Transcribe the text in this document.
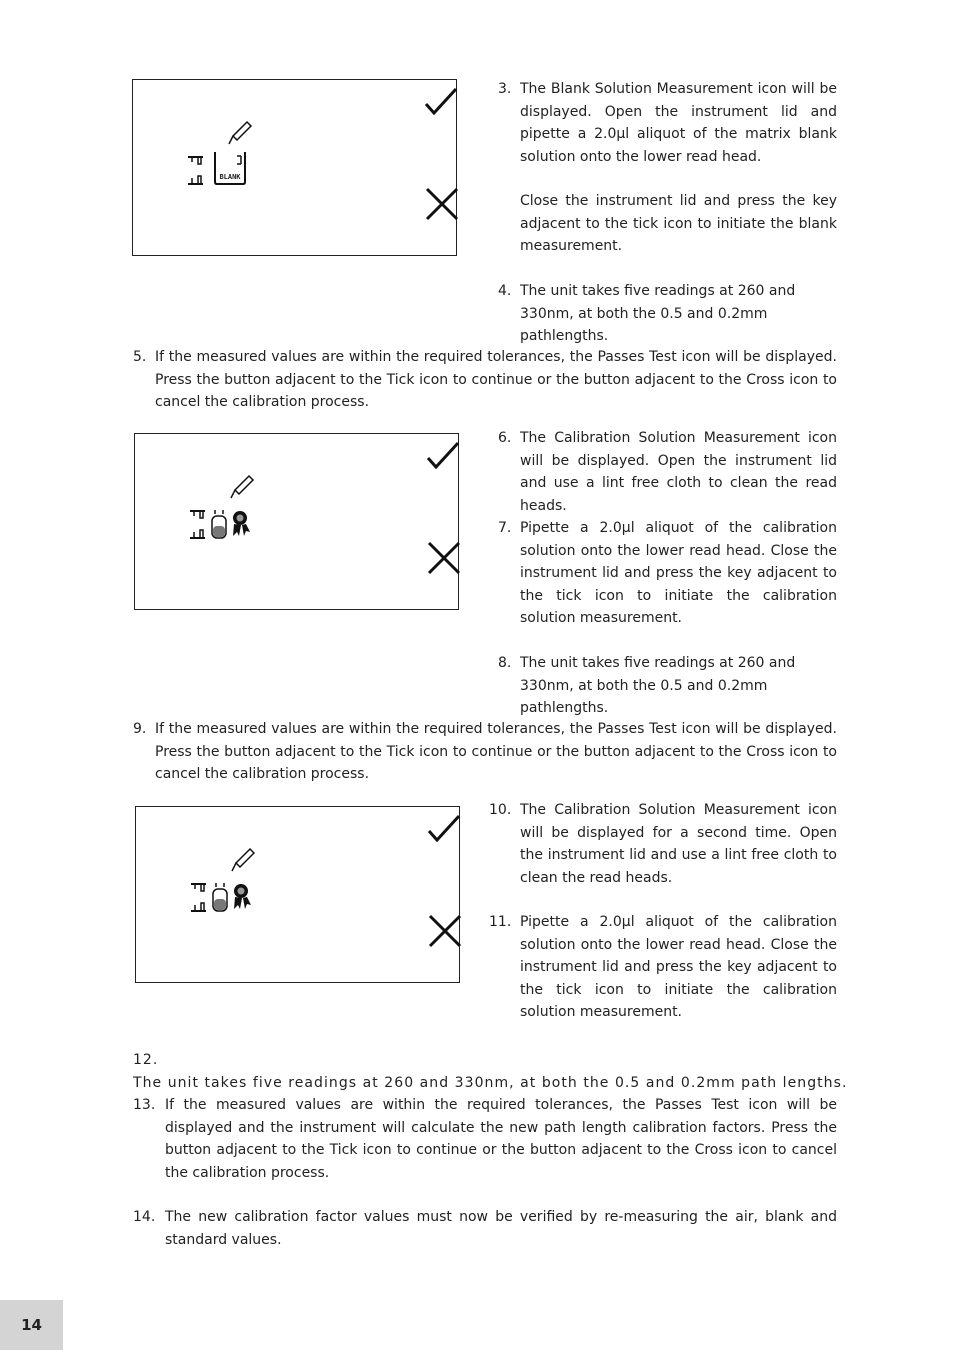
BLANK
3. The Blank Solution Measurement icon will be displayed. Open the instrument lid and pipette a 2.0µl aliquot of the matrix blank solution onto the lower read head.

Close the instrument lid and press the key adjacent to the tick icon to initiate the blank measurement.

4. The unit takes five readings at 260 and 330nm, at both the 0.5 and 0.2mm pathlengths.
5. If the measured values are within the required tolerances, the Passes Test icon will be displayed. Press the button adjacent to the Tick icon to continue or the button adjacent to the Cross icon to cancel the calibration process.
6. The Calibration Solution Measurement icon will be displayed. Open the instrument lid and use a lint free cloth to clean the read heads.
7. Pipette a 2.0µl aliquot of the calibration solution onto the lower read head. Close the instrument lid and press the key adjacent to the tick icon to initiate the calibration solution measurement.
8. The unit takes five readings at 260 and 330nm, at both the 0.5 and 0.2mm pathlengths.
9. If the measured values are within the required tolerances, the Passes Test icon will be displayed. Press the button adjacent to the Tick icon to continue or the button adjacent to the Cross icon to cancel the calibration process.
10. The Calibration Solution Measurement icon will be displayed for a second time. Open the instrument lid and use a lint free cloth to clean the read heads.
11. Pipette a 2.0µl aliquot of the calibration solution onto the lower read head. Close the instrument lid and press the key adjacent to the tick icon to initiate the calibration solution measurement.
12. The unit takes five readings at 260 and 330nm, at both the 0.5 and 0.2mm path lengths.
13. If the measured values are within the required tolerances, the Passes Test icon will be displayed and the instrument will calculate the new path length calibration factors. Press the button adjacent to the Tick icon to continue or the button adjacent to the Cross icon to cancel the calibration process.
14. The new calibration factor values must now be verified by re-measuring the air, blank and standard values.
14
